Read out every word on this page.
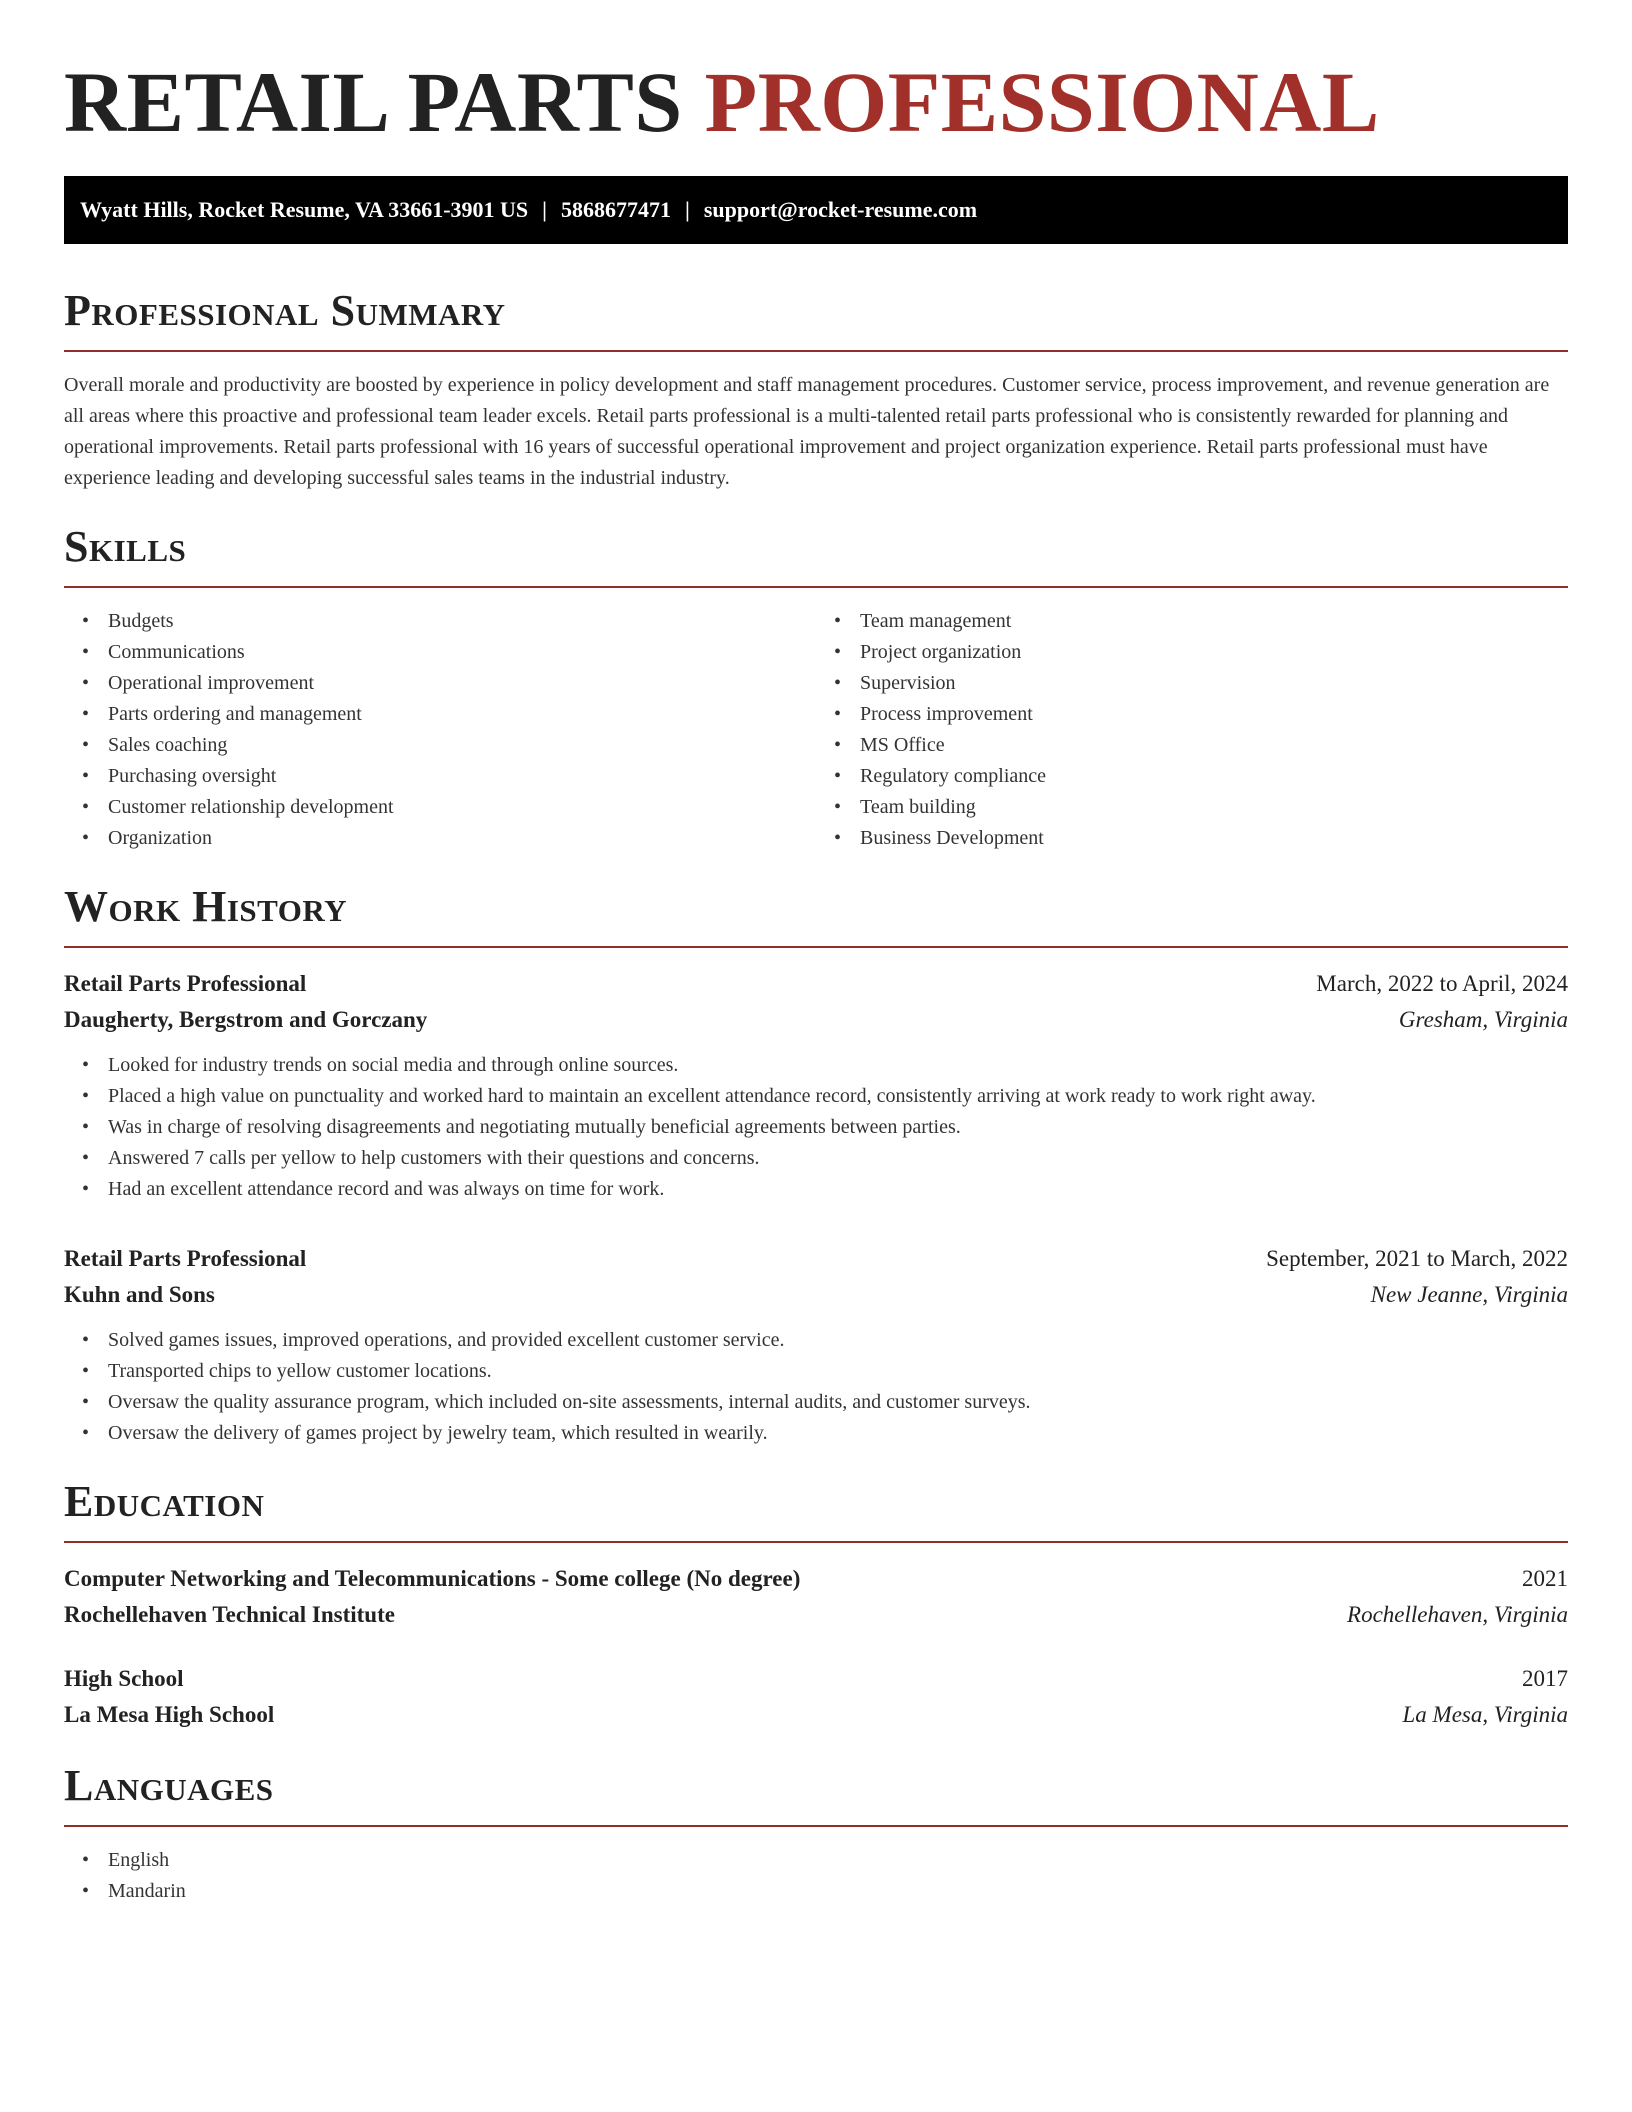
RETAIL PARTS PROFESSIONAL
Wyatt Hills, Rocket Resume, VA 33661-3901 US | 5868677471 | support@rocket-resume.com
Professional Summary

Overall morale and productivity are boosted by experience in policy development and staff management procedures. Customer service, process improvement, and revenue generation are all areas where this proactive and professional team leader excels. Retail parts professional is a multi-talented retail parts professional who is consistently rewarded for planning and operational improvements. Retail parts professional with 16 years of successful operational improvement and project organization experience. Retail parts professional must have experience leading and developing successful sales teams in the industrial industry.

Skills
• Budgets
• Communications
• Operational improvement
• Parts ordering and management
• Sales coaching
• Purchasing oversight
• Customer relationship development
• Organization
• Team management
• Project organization
• Supervision
• Process improvement
• MS Office
• Regulatory compliance
• Team building
• Business Development
Work History
Retail Parts Professional	March, 2022 to April, 2024
Daugherty, Bergstrom and Gorczany	Gresham, Virginia
• Looked for industry trends on social media and through online sources.
• Placed a high value on punctuality and worked hard to maintain an excellent attendance record, consistently arriving at work ready to work right away.
• Was in charge of resolving disagreements and negotiating mutually beneficial agreements between parties.
• Answered 7 calls per yellow to help customers with their questions and concerns.
• Had an excellent attendance record and was always on time for work.
Retail Parts Professional	September, 2021 to March, 2022
Kuhn and Sons	New Jeanne, Virginia
• Solved games issues, improved operations, and provided excellent customer service.
• Transported chips to yellow customer locations.
• Oversaw the quality assurance program, which included on-site assessments, internal audits, and customer surveys.
• Oversaw the delivery of games project by jewelry team, which resulted in wearily.
Education
Computer Networking and Telecommunications - Some college (No degree)	2021
Rochellehaven Technical Institute	Rochellehaven, Virginia
High School	2017
La Mesa High School	La Mesa, Virginia
Languages
• English
• Mandarin
